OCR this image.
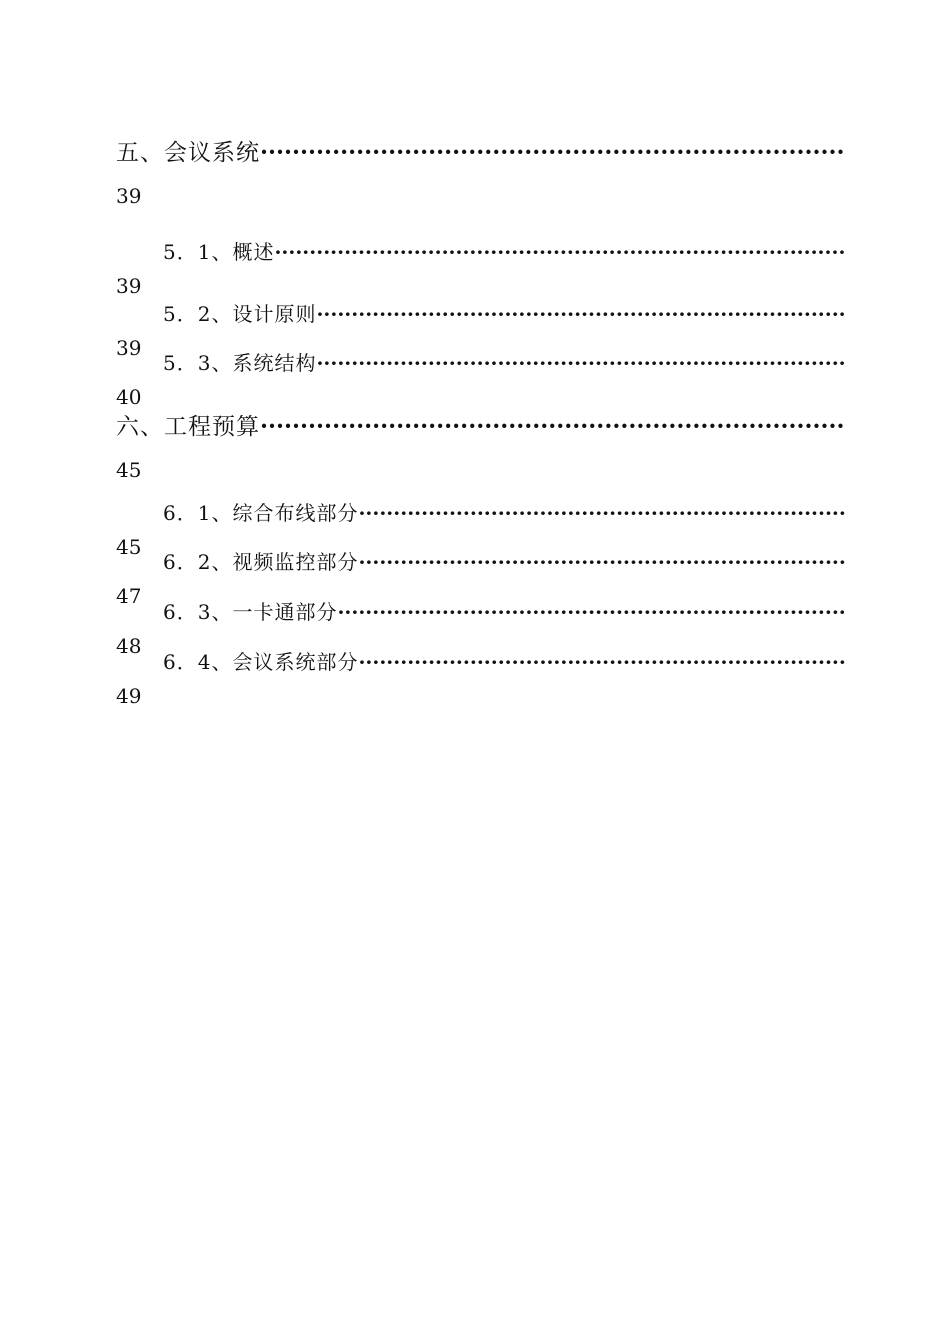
五、会议系统
·····
39
5．1、概述
·····
39
5．2、设计原则
·····
39
5．3、系统结构
·····
40
六、工程预算
·····
45
6．1、综合布线部分
·····
45
6．2、视频监控部分
·····
47
6．3、一卡通部分
·····
48
6．4、会议系统部分
·····
49
